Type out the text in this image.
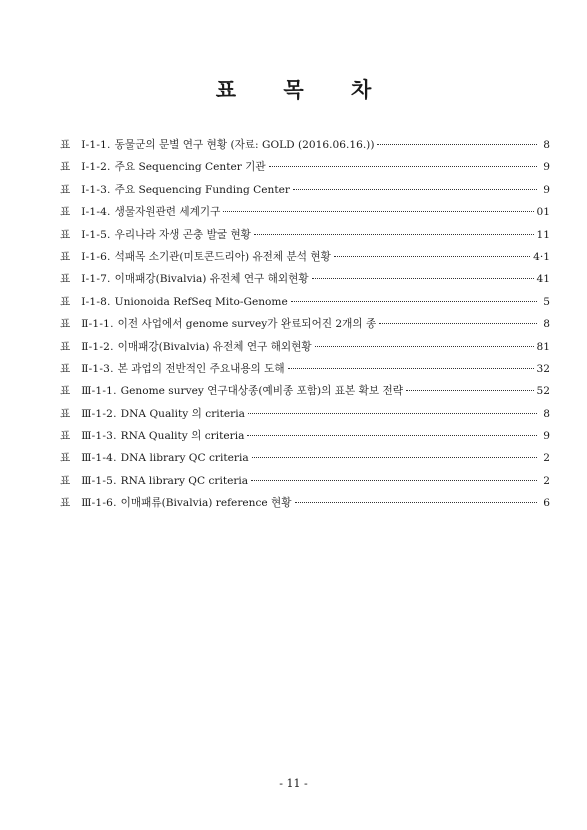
표 목 차
표 Ⅰ-1-1. 동물군의 문별 연구 현황 (자료: GOLD (2016.06.16.))	8
표 Ⅰ-1-2. 주요 Sequencing Center 기관	9
표 Ⅰ-1-3. 주요 Sequencing Funding Center	9
표 Ⅰ-1-4. 생물자원관련 세계기구	01
표 Ⅰ-1-5. 우리나라 자생 곤충 발굴 현황	11
표 Ⅰ-1-6. 석패목 소기관(미토콘드리아) 유전체 분석 현황	4·1
표 Ⅰ-1-7. 이매패강(Bivalvia) 유전체 연구 해외현황	41
표 Ⅰ-1-8. Unionoida RefSeq Mito-Genome	5
표 Ⅱ-1-1. 이전 사업에서 genome survey가 완료되어진 2개의 종	8
표 Ⅱ-1-2. 이매패강(Bivalvia) 유전체 연구 해외현황	81
표 Ⅱ-1-3. 본 과업의 전반적인 주요내용의 도해	32
표 Ⅲ-1-1. Genome survey 연구대상종(예비종 포함)의 표본 확보 전략	52
표 Ⅲ-1-2. DNA Quality 의 criteria	8
표 Ⅲ-1-3. RNA Quality 의 criteria	9
표 Ⅲ-1-4. DNA library QC criteria	2
표 Ⅲ-1-5. RNA library QC criteria	2
표 Ⅲ-1-6. 이매패류(Bivalvia) reference 현황	6
- 11 -
